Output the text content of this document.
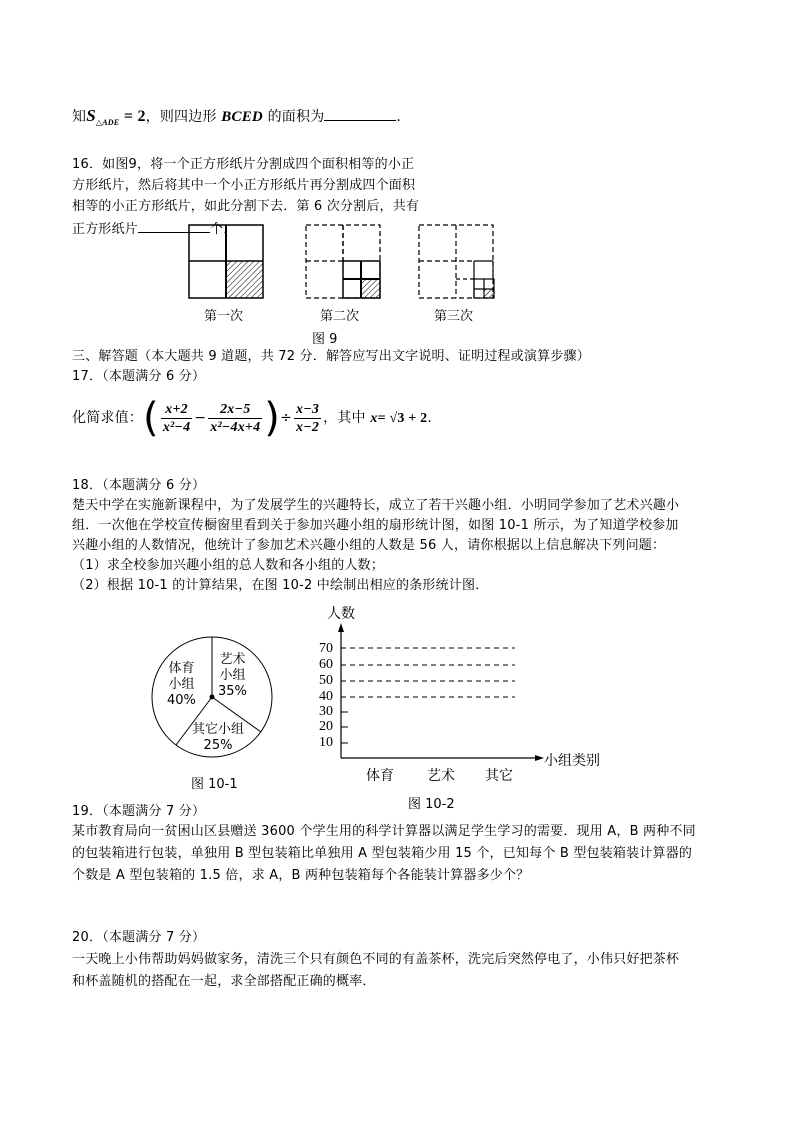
知$S_{\triangle ADE} = 2$，则四边形 BCED 的面积为	.
16．如图9，将一个正方形纸片分割成四个面积相等的小正
方形纸片，然后将其中一个小正方形纸片再分割成四个面积
相等的小正方形纸片，如此分割下去．第 6 次分割后，共有
正方形纸片	个．
第一次	第二次	第三次
图 9
三、解答题（本大题共 9 道题，共 72 分．解答应写出文字说明、证明过程或演算步骤）
17．（本题满分 6 分）
化简求值：( $\frac{x+2}{\text{x²−4}} - \frac{2x-5}{\text{x²−4x+4}}$ )÷ $\frac{x-3}{x-2}$ ，其中 x= √3 + 2.
18．（本题满分 6 分）
楚天中学在实施新课程中，为了发展学生的兴趣特长，成立了若干兴趣小组．小明同学参加了艺术兴趣小
组．一次他在学校宣传橱窗里看到关于参加兴趣小组的扇形统计图，如图 10-1 所示，为了知道学校参加
兴趣小组的人数情况，他统计了参加艺术兴趣小组的人数是 56 人，请你根据以上信息解决下列问题：
（1）求全校参加兴趣小组的总人数和各小组的人数；
（2）根据 10-1 的计算结果，在图 10-2 中绘制出相应的条形统计图．
体育
小组
40%
艺术
小组
35%
其它小组
25%
图 10-1
人数
70
60
50
40
30
20
10
小组类别
体育 艺术 其它
图 10-2
19．（本题满分 7 分）
某市教育局向一贫困山区县赠送 3600 个学生用的科学计算器以满足学生学习的需要．现用 A，B 两种不同
的包装箱进行包装，单独用 B 型包装箱比单独用 A 型包装箱少用 15 个，已知每个 B 型包装箱装计算器的
个数是 A 型包装箱的 1.5 倍，求 A，B 两种包装箱每个各能装计算器多少个？
20．（本题满分 7 分）
一天晚上小伟帮助妈妈做家务，清洗三个只有颜色不同的有盖茶杯，洗完后突然停电了，小伟只好把茶杯
和杯盖随机的搭配在一起，求全部搭配正确的概率．
